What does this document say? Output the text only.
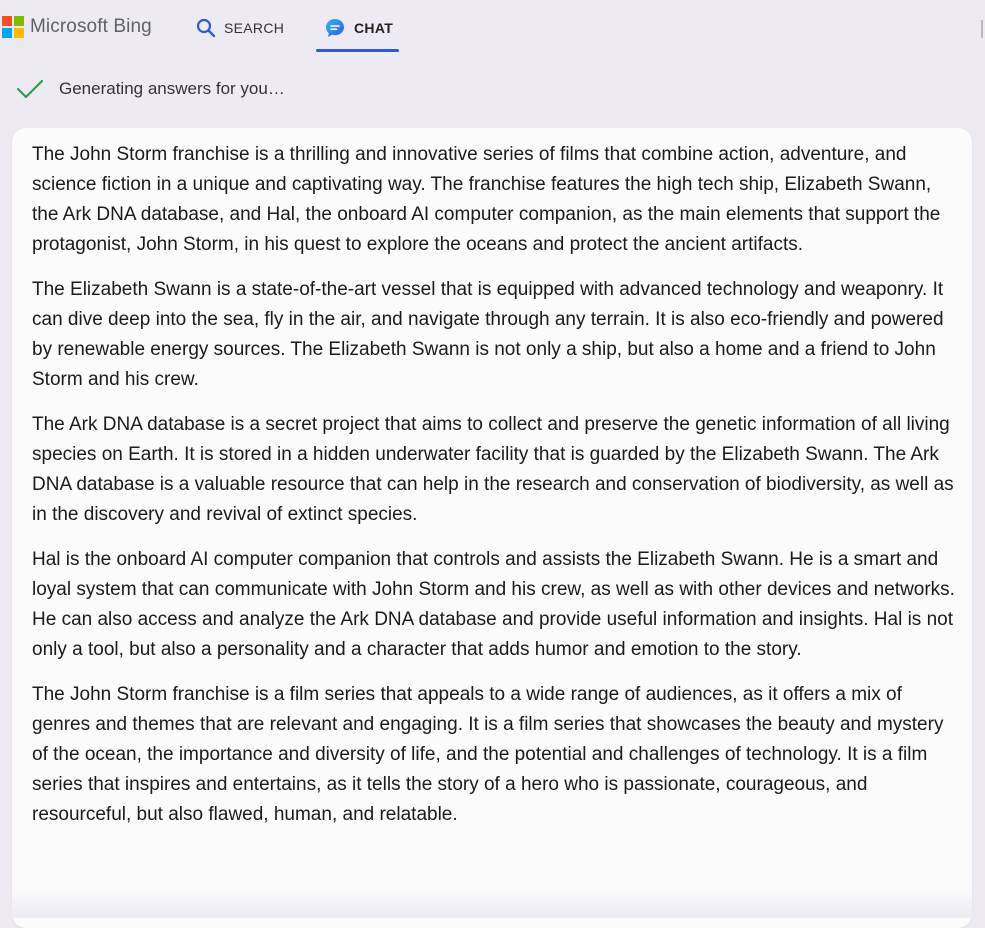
Microsoft Bing	SEARCH	CHAT
Generating answers for you…

The John Storm franchise is a thrilling and innovative series of films that combine action, adventure, and science fiction in a unique and captivating way. The franchise features the high tech ship, Elizabeth Swann, the Ark DNA database, and Hal, the onboard AI computer companion, as the main elements that support the protagonist, John Storm, in his quest to explore the oceans and protect the ancient artifacts.

The Elizabeth Swann is a state-of-the-art vessel that is equipped with advanced technology and weaponry. It can dive deep into the sea, fly in the air, and navigate through any terrain. It is also eco-friendly and powered by renewable energy sources. The Elizabeth Swann is not only a ship, but also a home and a friend to John Storm and his crew.

The Ark DNA database is a secret project that aims to collect and preserve the genetic information of all living species on Earth. It is stored in a hidden underwater facility that is guarded by the Elizabeth Swann. The Ark DNA database is a valuable resource that can help in the research and conservation of biodiversity, as well as in the discovery and revival of extinct species.

Hal is the onboard AI computer companion that controls and assists the Elizabeth Swann. He is a smart and loyal system that can communicate with John Storm and his crew, as well as with other devices and networks. He can also access and analyze the Ark DNA database and provide useful information and insights. Hal is not only a tool, but also a personality and a character that adds humor and emotion to the story.

The John Storm franchise is a film series that appeals to a wide range of audiences, as it offers a mix of genres and themes that are relevant and engaging. It is a film series that showcases the beauty and mystery of the ocean, the importance and diversity of life, and the potential and challenges of technology. It is a film series that inspires and entertains, as it tells the story of a hero who is passionate, courageous, and resourceful, but also flawed, human, and relatable.
